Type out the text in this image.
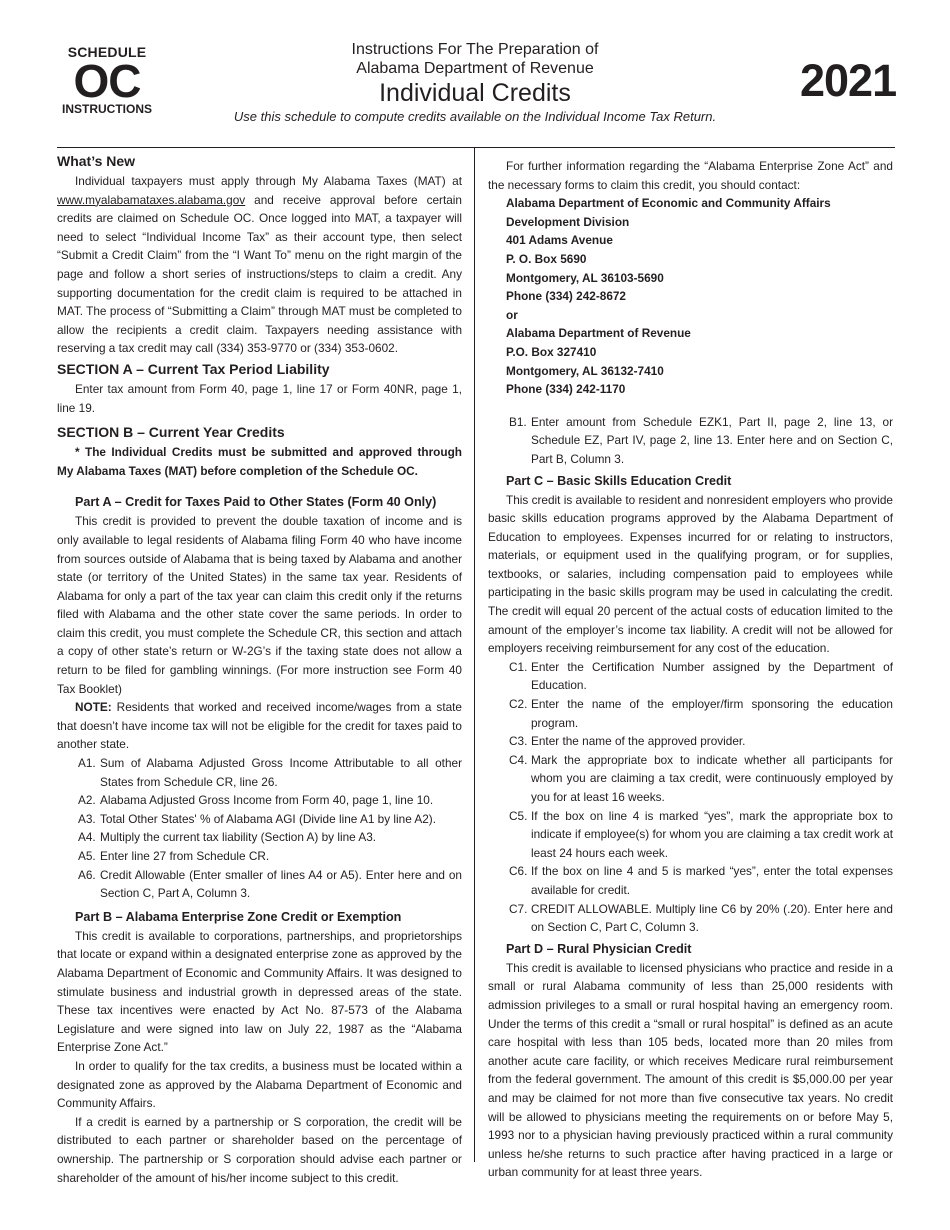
SCHEDULE
OC
INSTRUCTIONS
Instructions For The Preparation of
Alabama Department of Revenue
Individual Credits
Use this schedule to compute credits available on the Individual Income Tax Return.
2021
What’s New

Individual taxpayers must apply through My Alabama Taxes (MAT) at www.myalabamataxes.alabama.gov and receive approval before certain credits are claimed on Schedule OC. Once logged into MAT, a taxpayer will need to select “Individual Income Tax” as their account type, then select “Submit a Credit Claim” from the “I Want To” menu on the right margin of the page and follow a short series of instructions/steps to claim a credit. Any supporting documentation for the credit claim is required to be attached in MAT. The process of “Submitting a Claim” through MAT must be completed to allow the recipients a credit claim. Taxpayers needing assistance with reserving a tax credit may call (334) 353-9770 or (334) 353-0602.

SECTION A – Current Tax Period Liability

Enter tax amount from Form 40, page 1, line 17 or Form 40NR, page 1, line 19.

SECTION B – Current Year Credits

* The Individual Credits must be submitted and approved through My Alabama Taxes (MAT) before completion of the Schedule OC.

Part A – Credit for Taxes Paid to Other States (Form 40 Only)

This credit is provided to prevent the double taxation of income and is only available to legal residents of Alabama filing Form 40 who have income from sources outside of Alabama that is being taxed by Alabama and another state (or territory of the United States) in the same tax year. Residents of Alabama for only a part of the tax year can claim this credit only if the returns filed with Alabama and the other state cover the same periods. In order to claim this credit, you must complete the Schedule CR, this section and attach a copy of other state’s return or W-2G’s if the taxing state does not allow a return to be filed for gambling winnings. (For more instruction see Form 40 Tax Booklet)

NOTE: Residents that worked and received income/wages from a state that doesn’t have income tax will not be eligible for the credit for taxes paid to another state.

A1. Sum of Alabama Adjusted Gross Income Attributable to all other States from Schedule CR, line 26.
A2. Alabama Adjusted Gross Income from Form 40, page 1, line 10.
A3. Total Other States' % of Alabama AGI (Divide line A1 by line A2).
A4. Multiply the current tax liability (Section A) by line A3.
A5. Enter line 27 from Schedule CR.
A6. Credit Allowable (Enter smaller of lines A4 or A5). Enter here and on Section C, Part A, Column 3.
Part B – Alabama Enterprise Zone Credit or Exemption

This credit is available to corporations, partnerships, and proprietorships that locate or expand within a designated enterprise zone as approved by the Alabama Department of Economic and Community Affairs. It was designed to stimulate business and industrial growth in depressed areas of the state. These tax incentives were enacted by Act No. 87-573 of the Alabama Legislature and were signed into law on July 22, 1987 as the “Alabama Enterprise Zone Act.”

In order to qualify for the tax credits, a business must be located within a designated zone as approved by the Alabama Department of Economic and Community Affairs.

If a credit is earned by a partnership or S corporation, the credit will be distributed to each partner or shareholder based on the percentage of ownership. The partnership or S corporation should advise each partner or shareholder of the amount of his/her income subject to this credit.

For further information regarding the “Alabama Enterprise Zone Act” and the necessary forms to claim this credit, you should contact:

Alabama Department of Economic and Community Affairs
Development Division
401 Adams Avenue
P. O. Box 5690
Montgomery, AL 36103-5690
Phone (334) 242-8672
or
Alabama Department of Revenue
P.O. Box 327410
Montgomery, AL 36132-7410
Phone (334) 242-1170
B1. Enter amount from Schedule EZK1, Part II, page 2, line 13, or Schedule EZ, Part IV, page 2, line 13. Enter here and on Section C, Part B, Column 3.
Part C – Basic Skills Education Credit

This credit is available to resident and nonresident employers who provide basic skills education programs approved by the Alabama Department of Education to employees. Expenses incurred for or relating to instructors, materials, or equipment used in the qualifying program, or for supplies, textbooks, or salaries, including compensation paid to employees while participating in the basic skills program may be used in calculating the credit. The credit will equal 20 percent of the actual costs of education limited to the amount of the employer’s income tax liability. A credit will not be allowed for employers receiving reimbursement for any cost of the education.

C1. Enter the Certification Number assigned by the Department of Education.
C2. Enter the name of the employer/firm sponsoring the education program.
C3. Enter the name of the approved provider.
C4. Mark the appropriate box to indicate whether all participants for whom you are claiming a tax credit, were continuously employed by you for at least 16 weeks.
C5. If the box on line 4 is marked “yes”, mark the appropriate box to indicate if employee(s) for whom you are claiming a tax credit work at least 24 hours each week.
C6. If the box on line 4 and 5 is marked “yes”, enter the total expenses available for credit.
C7. CREDIT ALLOWABLE. Multiply line C6 by 20% (.20). Enter here and on Section C, Part C, Column 3.
Part D – Rural Physician Credit

This credit is available to licensed physicians who practice and reside in a small or rural Alabama community of less than 25,000 residents with admission privileges to a small or rural hospital having an emergency room. Under the terms of this credit a “small or rural hospital” is defined as an acute care hospital with less than 105 beds, located more than 20 miles from another acute care facility, or which receives Medicare rural reimbursement from the federal government. The amount of this credit is $5,000.00 per year and may be claimed for not more than five consecutive tax years. No credit will be allowed to physicians meeting the requirements on or before May 5, 1993 nor to a physician having previously practiced within a rural community unless he/she returns to such practice after having practiced in a large or urban community for at least three years.
